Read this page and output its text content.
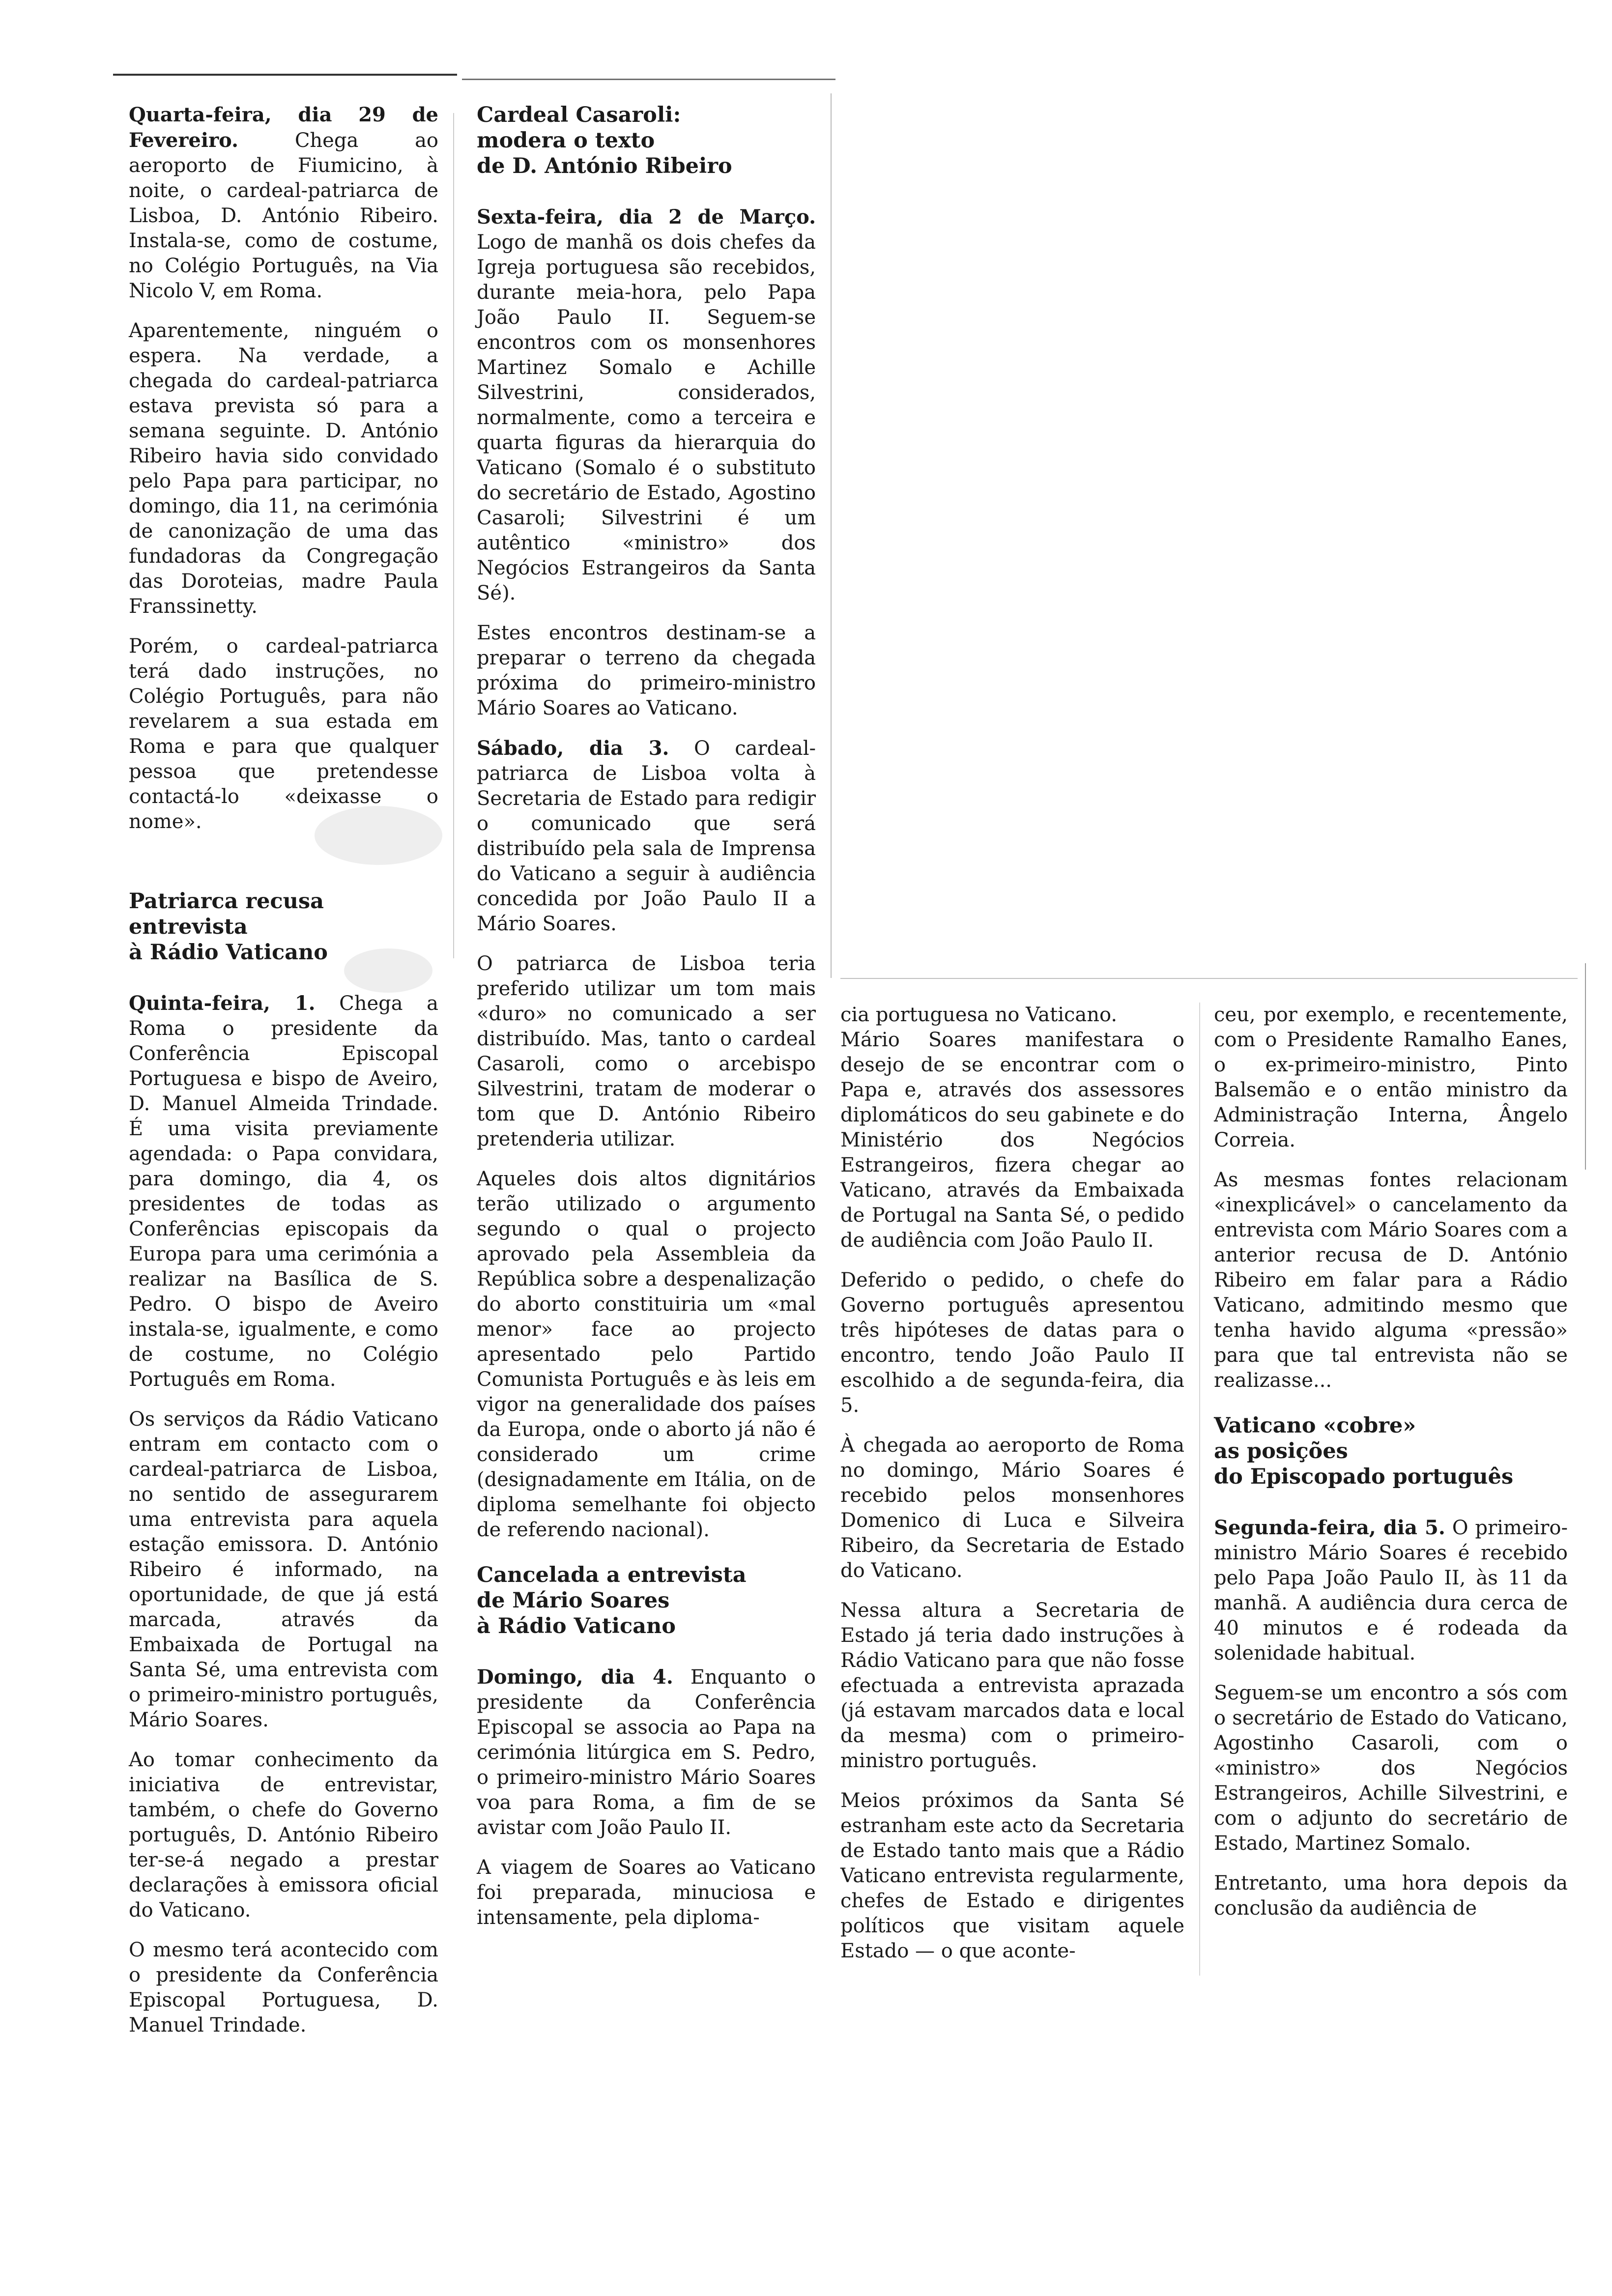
Quarta-feira, dia 29 de Fevereiro.	Chega ao aeroporto de Fiumicino, à noite, o cardeal-patriarca de Lisboa, D. António Ribeiro. Instala-se, como de costume, no Colégio Português, na Via Nicolo V, em Roma.

Aparentemente, ninguém o espera. Na verdade, a chegada do cardeal-patriarca estava prevista só para a semana seguinte. D. António Ribeiro havia sido convidado pelo Papa para participar, no domingo, dia 11, na cerimónia de canonização de uma das fundadoras da Congregação das Doroteias, madre Paula Franssinetty.

Porém, o cardeal-patriarca terá dado instruções, no Colégio Português, para não revelarem a sua estada em Roma e para que qualquer pessoa que pretendesse contactá-lo «deixasse o nome».

Patriarca recusa
entrevista
à Rádio Vaticano

Quinta-feira, 1. Chega a Roma o presidente da Conferência Episcopal Portuguesa e bispo de Aveiro, D. Manuel Almeida Trindade. É uma visita previamente agendada: o Papa convidara, para domingo, dia 4, os presidentes de todas as Conferências episcopais da Europa para uma cerimónia a realizar na Basílica de S. Pedro. O bispo de Aveiro instala-se, igualmente, e como de costume, no Colégio Português em Roma.

Os serviços da Rádio Vaticano entram em contacto com o cardeal-patriarca de Lisboa, no sentido de assegurarem uma entrevista para aquela estação emissora. D. António Ribeiro é informado, na oportunidade, de que já está marcada, através da Embaixada de Portugal na Santa Sé, uma entrevista com o primeiro-ministro português, Mário Soares.

Ao tomar conhecimento da iniciativa de entrevistar, também, o chefe do Governo português, D. António Ribeiro ter-se-á negado a prestar declarações à emissora oficial do Vaticano.

O mesmo terá acontecido com o presidente da Conferência Episcopal Portuguesa, D. Manuel Trindade.

Cardeal Casaroli:
modera o texto
de D. António Ribeiro

Sexta-feira, dia 2 de Março. Logo de manhã os dois chefes da Igreja portuguesa são recebidos, durante meia-hora, pelo Papa João Paulo II. Seguem-se encontros com os monsenhores Martinez Somalo e Achille Silvestrini, considerados, normalmente, como a terceira e quarta figuras da hierarquia do Vaticano (Somalo é o substituto do secretário de Estado, Agostino Casaroli; Silvestrini é um autêntico «ministro» dos Negócios Estrangeiros da Santa Sé).

Estes encontros destinam-se a preparar o terreno da chegada próxima do primeiro-ministro Mário Soares ao Vaticano.

Sábado, dia 3. O cardeal-patriarca de Lisboa volta à Secretaria de Estado para redigir o comunicado que será distribuído pela sala de Imprensa do Vaticano a seguir à audiência concedida por João Paulo II a Mário Soares.

O patriarca de Lisboa teria preferido utilizar um tom mais «duro» no comunicado a ser distribuído. Mas, tanto o cardeal Casaroli, como o arcebispo Silvestrini, tratam de moderar o tom que D. António Ribeiro pretenderia utilizar.

Aqueles dois altos dignitários terão utilizado o argumento segundo o qual o projecto aprovado pela Assembleia da República sobre a despenalização do aborto constituiria um «mal menor» face ao projecto apresentado pelo Partido Comunista Português e às leis em vigor na generalidade dos países da Europa, onde o aborto já não é considerado um crime (designadamente em Itália, on de diploma semelhante foi objecto de referendo nacional).

Cancelada a entrevista
de Mário Soares
à Rádio Vaticano

Domingo, dia 4. Enquanto o presidente da Conferência Episcopal se associa ao Papa na cerimónia litúrgica em S. Pedro, o primeiro-ministro Mário Soares voa para Roma, a fim de se avistar com João Paulo II.

A viagem de Soares ao Vaticano foi preparada, minuciosa e intensamente, pela diploma-

cia portuguesa no Vaticano.

Mário Soares manifestara o desejo de se encontrar com o Papa e, através dos assessores diplomáticos do seu gabinete e do Ministério dos Negócios Estrangeiros, fizera chegar ao Vaticano, através da Embaixada de Portugal na Santa Sé, o pedido de audiência com João Paulo II.

Deferido o pedido, o chefe do Governo português apresentou três hipóteses de datas para o encontro, tendo João Paulo II escolhido a de segunda-feira, dia 5.

À chegada ao aeroporto de Roma no domingo, Mário Soares é recebido pelos monsenhores Domenico di Luca e Silveira Ribeiro, da Secretaria de Estado do Vaticano.

Nessa altura a Secretaria de Estado já teria dado instruções à Rádio Vaticano para que não fosse efectuada a entrevista aprazada (já estavam marcados data e local da mesma) com o primeiro-ministro português.

Meios próximos da Santa Sé estranham este acto da Secretaria de Estado tanto mais que a Rádio Vaticano entrevista regularmente, chefes de Estado e dirigentes políticos que visitam aquele Estado — o que aconte-

ceu, por exemplo, e recentemente, com o Presidente Ramalho Eanes, o ex-primeiro-ministro, Pinto Balsemão e o então ministro da Administração Interna, Ângelo Correia.

As mesmas fontes relacionam «inexplicável» o cancelamento da entrevista com Mário Soares com a anterior recusa de D. António Ribeiro em falar para a Rádio Vaticano, admitindo mesmo que tenha havido alguma «pressão» para que tal entrevista não se realizasse...

Vaticano «cobre»
as posições
do Episcopado português

Segunda-feira, dia 5. O primeiro-ministro Mário Soares é recebido pelo Papa João Paulo II, às 11 da manhã. A audiência dura cerca de 40 minutos e é rodeada da solenidade habitual.

Seguem-se um encontro a sós com o secretário de Estado do Vaticano, Agostinho Casaroli, com o «ministro» dos Negócios Estrangeiros, Achille Silvestrini, e com o adjunto do secretário de Estado, Martinez Somalo.

Entretanto, uma hora depois da conclusão da audiência de
